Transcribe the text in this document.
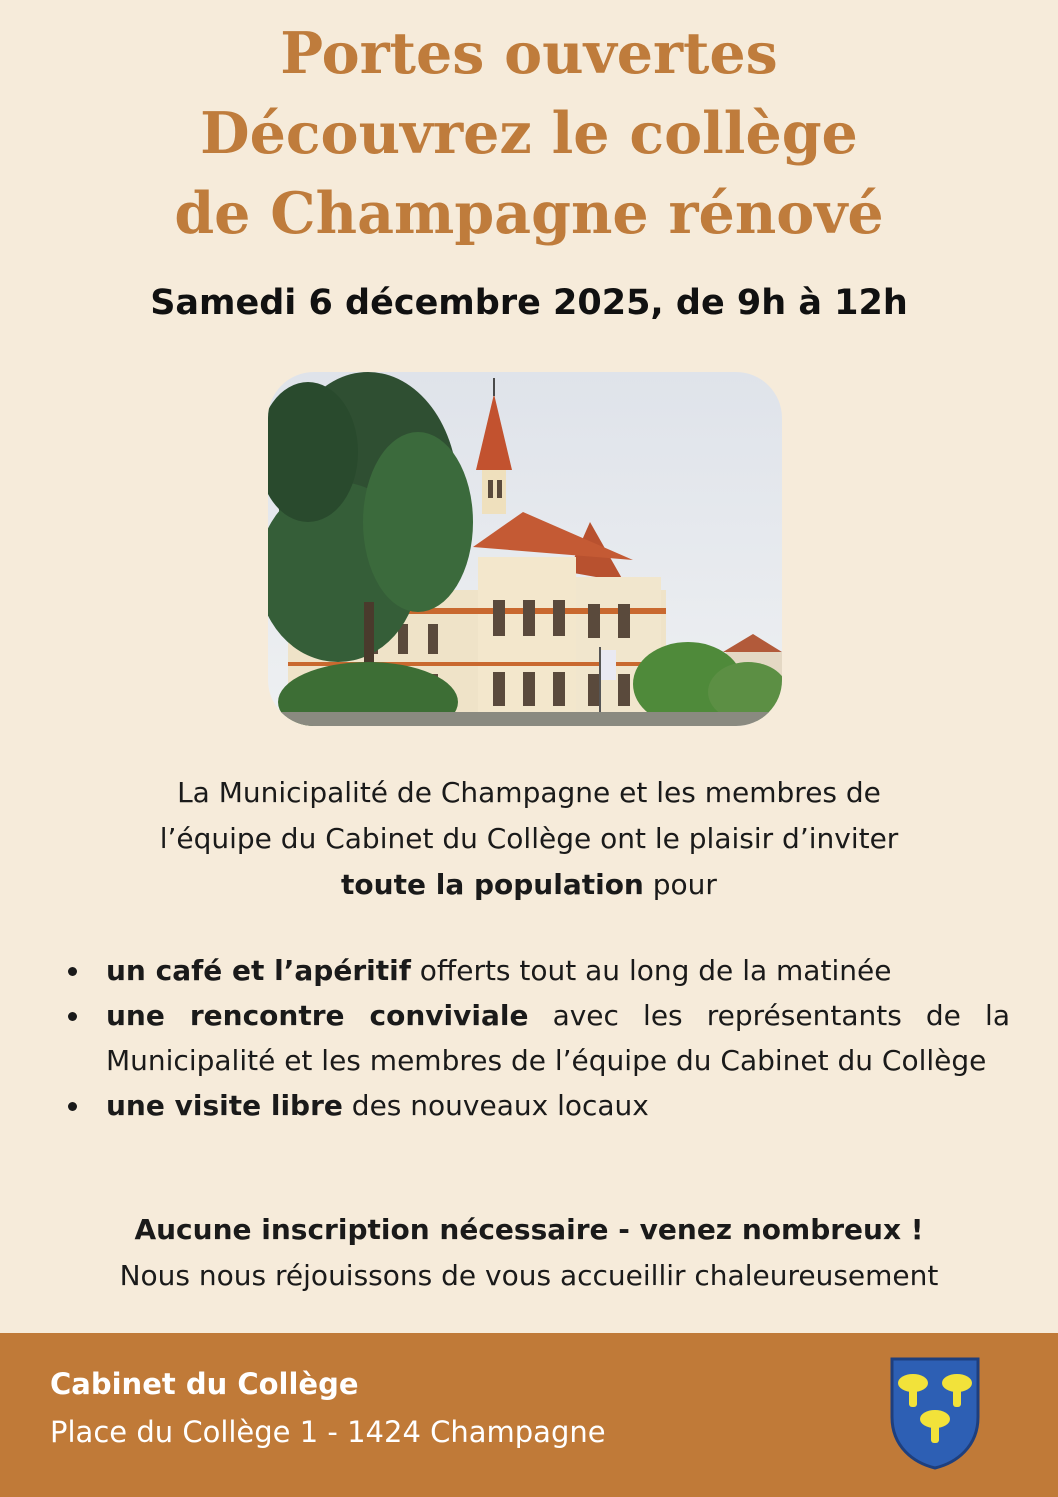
Portes ouvertes
Découvrez le collège
de Champagne rénové
Samedi 6 décembre 2025, de 9h à 12h
La Municipalité de Champagne et les membres de
l’équipe du Cabinet du Collège ont le plaisir d’inviter
toute la population pour
un café et l’apéritif offerts tout au long de la matinée
une rencontre conviviale avec les représentants de la Municipalité et les membres de l’équipe du Cabinet du Collège
une visite libre des nouveaux locaux
Aucune inscription nécessaire - venez nombreux !
Nous nous réjouissons de vous accueillir chaleureusement
Cabinet du Collège
Place du Collège 1 - 1424 Champagne
